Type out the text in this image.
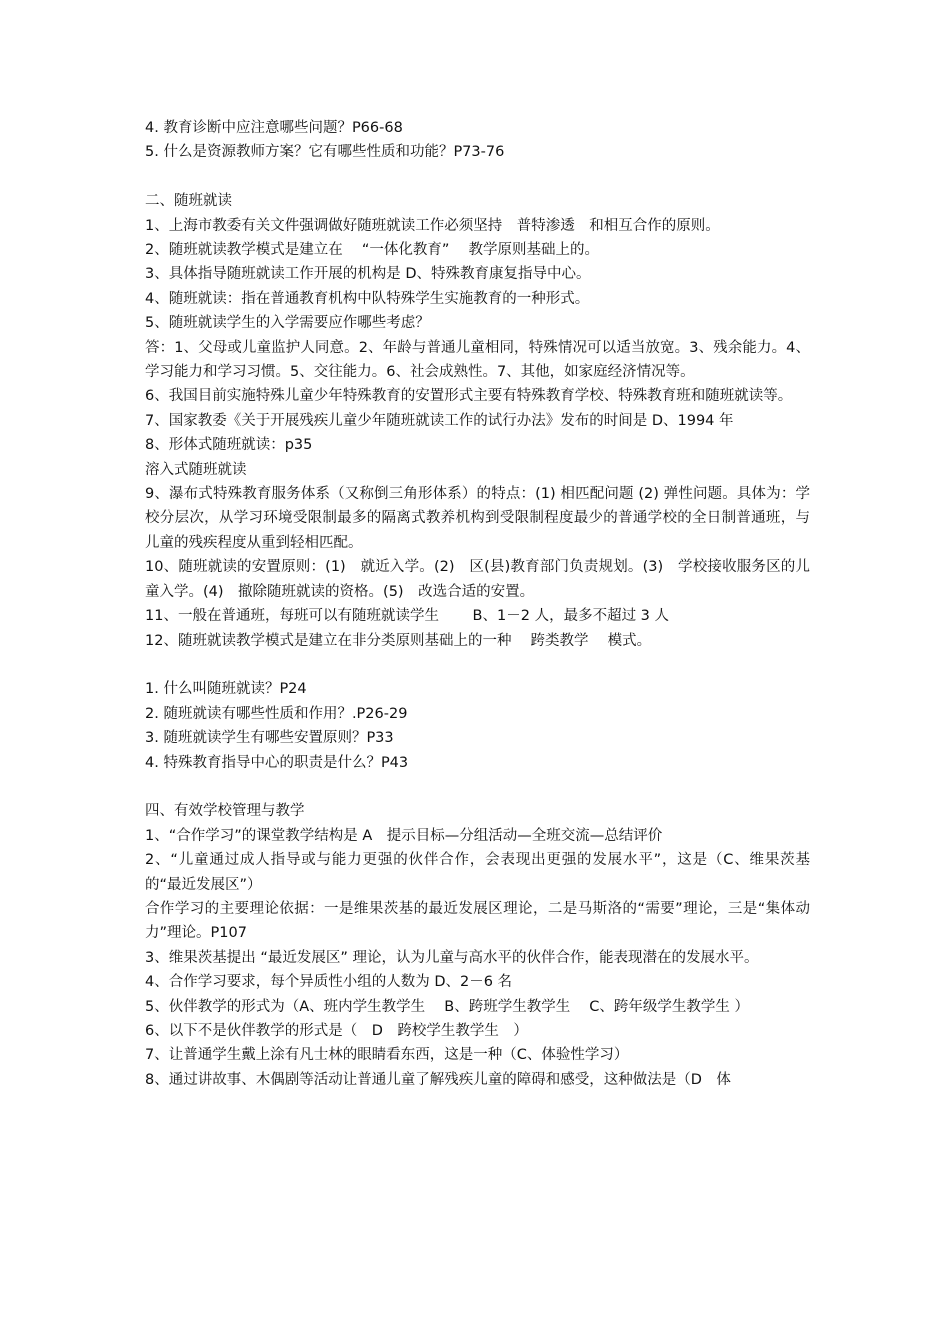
4. 教育诊断中应注意哪些问题？P66-68

5. 什么是资源教师方案？它有哪些性质和功能？P73-76

二、随班就读

1、上海市教委有关文件强调做好随班就读工作必须坚持　普特渗透　和相互合作的原则。

2、随班就读教学模式是建立在　 “一体化教育”　 教学原则基础上的。

3、具体指导随班就读工作开展的机构是 D、特殊教育康复指导中心。

4、随班就读：指在普通教育机构中队特殊学生实施教育的一种形式。

5、随班就读学生的入学需要应作哪些考虑？

答：1、父母或儿童监护人同意。2、年龄与普通儿童相同，特殊情况可以适当放宽。3、残余能力。4、学习能力和学习习惯。5、交往能力。6、社会成熟性。7、其他，如家庭经济情况等。

6、我国目前实施特殊儿童少年特殊教育的安置形式主要有特殊教育学校、特殊教育班和随班就读等。

7、国家教委《关于开展残疾儿童少年随班就读工作的试行办法》发布的时间是 D、1994 年

8、形体式随班就读：p35

溶入式随班就读

9、瀑布式特殊教育服务体系（又称倒三角形体系）的特点：(1) 相匹配问题 (2) 弹性问题。具体为：学校分层次，从学习环境受限制最多的隔离式教养机构到受限制程度最少的普通学校的全日制普通班，与儿童的残疾程度从重到轻相匹配。

10、随班就读的安置原则：(1)　就近入学。(2)　区(县)教育部门负责规划。(3)　学校接收服务区的儿童入学。(4)　撤除随班就读的资格。(5)　改选合适的安置。

11、一般在普通班，每班可以有随班就读学生　　 B、1－2 人，最多不超过 3 人

12、随班就读教学模式是建立在非分类原则基础上的一种　 跨类教学　 模式。

1. 什么叫随班就读？P24

2. 随班就读有哪些性质和作用？.P26-29

3. 随班就读学生有哪些安置原则？P33

4. 特殊教育指导中心的职责是什么？P43

四、有效学校管理与教学

1、“合作学习”的课堂教学结构是 A　提示目标—分组活动—全班交流—总结评价

2、“儿童通过成人指导或与能力更强的伙伴合作，会表现出更强的发展水平”，这是（C、维果茨基的“最近发展区”）

合作学习的主要理论依据：一是维果茨基的最近发展区理论，二是马斯洛的“需要”理论，三是“集体动力”理论。P107

3、维果茨基提出 “最近发展区” 理论，认为儿童与高水平的伙伴合作，能表现潜在的发展水平。

4、合作学习要求，每个异质性小组的人数为 D、2－6 名

5、伙伴教学的形式为（A、班内学生教学生　 B、跨班学生教学生　 C、跨年级学生教学生 ）

6、以下不是伙伴教学的形式是（　D　跨校学生教学生　）

7、让普通学生戴上涂有凡士林的眼睛看东西，这是一种（C、体验性学习）

8、通过讲故事、木偶剧等活动让普通儿童了解残疾儿童的障碍和感受，这种做法是（D　体
